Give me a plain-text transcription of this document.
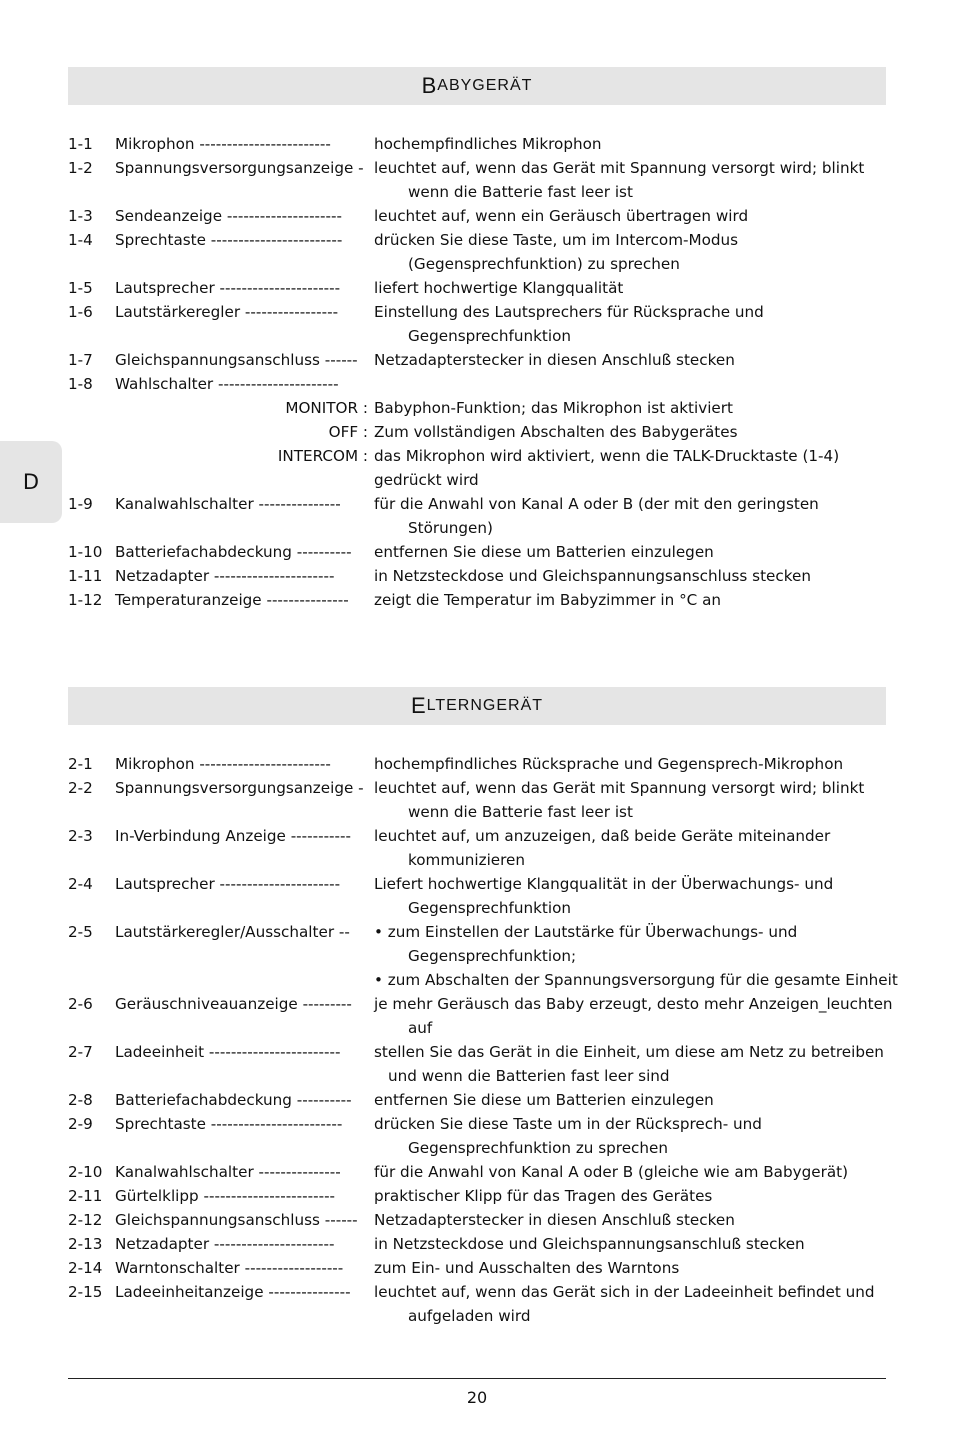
B ABYGERÄT
1-1 Mikrophon ------------------------	hochempfindliches Mikrophon
1-2 Spannungsversorgungsanzeige - leuchtet auf, wenn das Gerät mit Spannung versorgt wird; blinkt
wenn die Batterie fast leer ist
1-3 Sendeanzeige --------------------- leuchtet auf, wenn ein Geräusch übertragen wird
1-4 Sprechtaste ------------------------ drücken Sie diese Taste, um im Intercom-Modus
(Gegensprechfunktion) zu sprechen
1-5 Lautsprecher ---------------------- liefert hochwertige Klangqualität
1-6 Lautstärkeregler ----------------- Einstellung des Lautsprechers für Rücksprache und
Gegensprechfunktion
1-7 Gleichspannungsanschluss ------ Netzadapterstecker in diesen Anschluß stecken
1-8 Wahlschalter ----------------------

MONITOR : Babyphon-Funktion; das Mikrophon ist aktiviert
OFF : Zum vollständigen Abschalten des Babygerätes
INTERCOM : das Mikrophon wird aktiviert, wenn die TALK-Drucktaste (1-4)
gedrückt wird
1-9 Kanalwahlschalter --------------- für die Anwahl von Kanal A oder B (der mit den geringsten
Störungen)
1-10 Batteriefachabdeckung ---------- entfernen Sie diese um Batterien einzulegen
1-11 Netzadapter ----------------------	in Netzsteckdose und Gleichspannungsanschluss stecken
1-12 Temperaturanzeige --------------- zeigt die Temperatur im Babyzimmer in °C an
E LTERNGERÄT
2-1 Mikrophon ------------------------	hochempfindliches Rücksprache und Gegensprech-Mikrophon
2-2 Spannungsversorgungsanzeige - leuchtet auf, wenn das Gerät mit Spannung versorgt wird; blinkt
wenn die Batterie fast leer ist
2-3 In-Verbindung Anzeige ----------- leuchtet auf, um anzuzeigen, daß beide Geräte miteinander
kommunizieren
2-4 Lautsprecher ---------------------- Liefert hochwertige Klangqualität in der Überwachungs- und
Gegensprechfunktion
2-5 Lautstärkeregler/Ausschalter -- • zum Einstellen der Lautstärke für Überwachungs- und
Gegensprechfunktion;
• zum Abschalten der Spannungsversorgung für die gesamte Einheit
2-6 Geräuschniveauanzeige --------- je mehr Geräusch das Baby erzeugt, desto mehr Anzeigen_leuchten
auf
2-7 Ladeeinheit ------------------------ stellen Sie das Gerät in die Einheit, um diese am Netz zu betreiben
und wenn die Batterien fast leer sind
2-8 Batteriefachabdeckung ---------- entfernen Sie diese um Batterien einzulegen
2-9 Sprechtaste ------------------------ drücken Sie diese Taste um in der Rücksprech- und
Gegensprechfunktion zu sprechen
2-10 Kanalwahlschalter --------------- für die Anwahl von Kanal A oder B (gleiche wie am Babygerät)
2-11 Gürtelklipp ------------------------	praktischer Klipp für das Tragen des Gerätes
2-12 Gleichspannungsanschluss ------ Netzadapterstecker in diesen Anschluß stecken
2-13 Netzadapter ----------------------	in Netzsteckdose und Gleichspannungsanschluß stecken
2-14 Warntonschalter ------------------ zum Ein- und Ausschalten des Warntons
2-15 Ladeeinheitanzeige --------------- leuchtet auf, wenn das Gerät sich in der Ladeeinheit befindet und
aufgeladen wird
D
20
